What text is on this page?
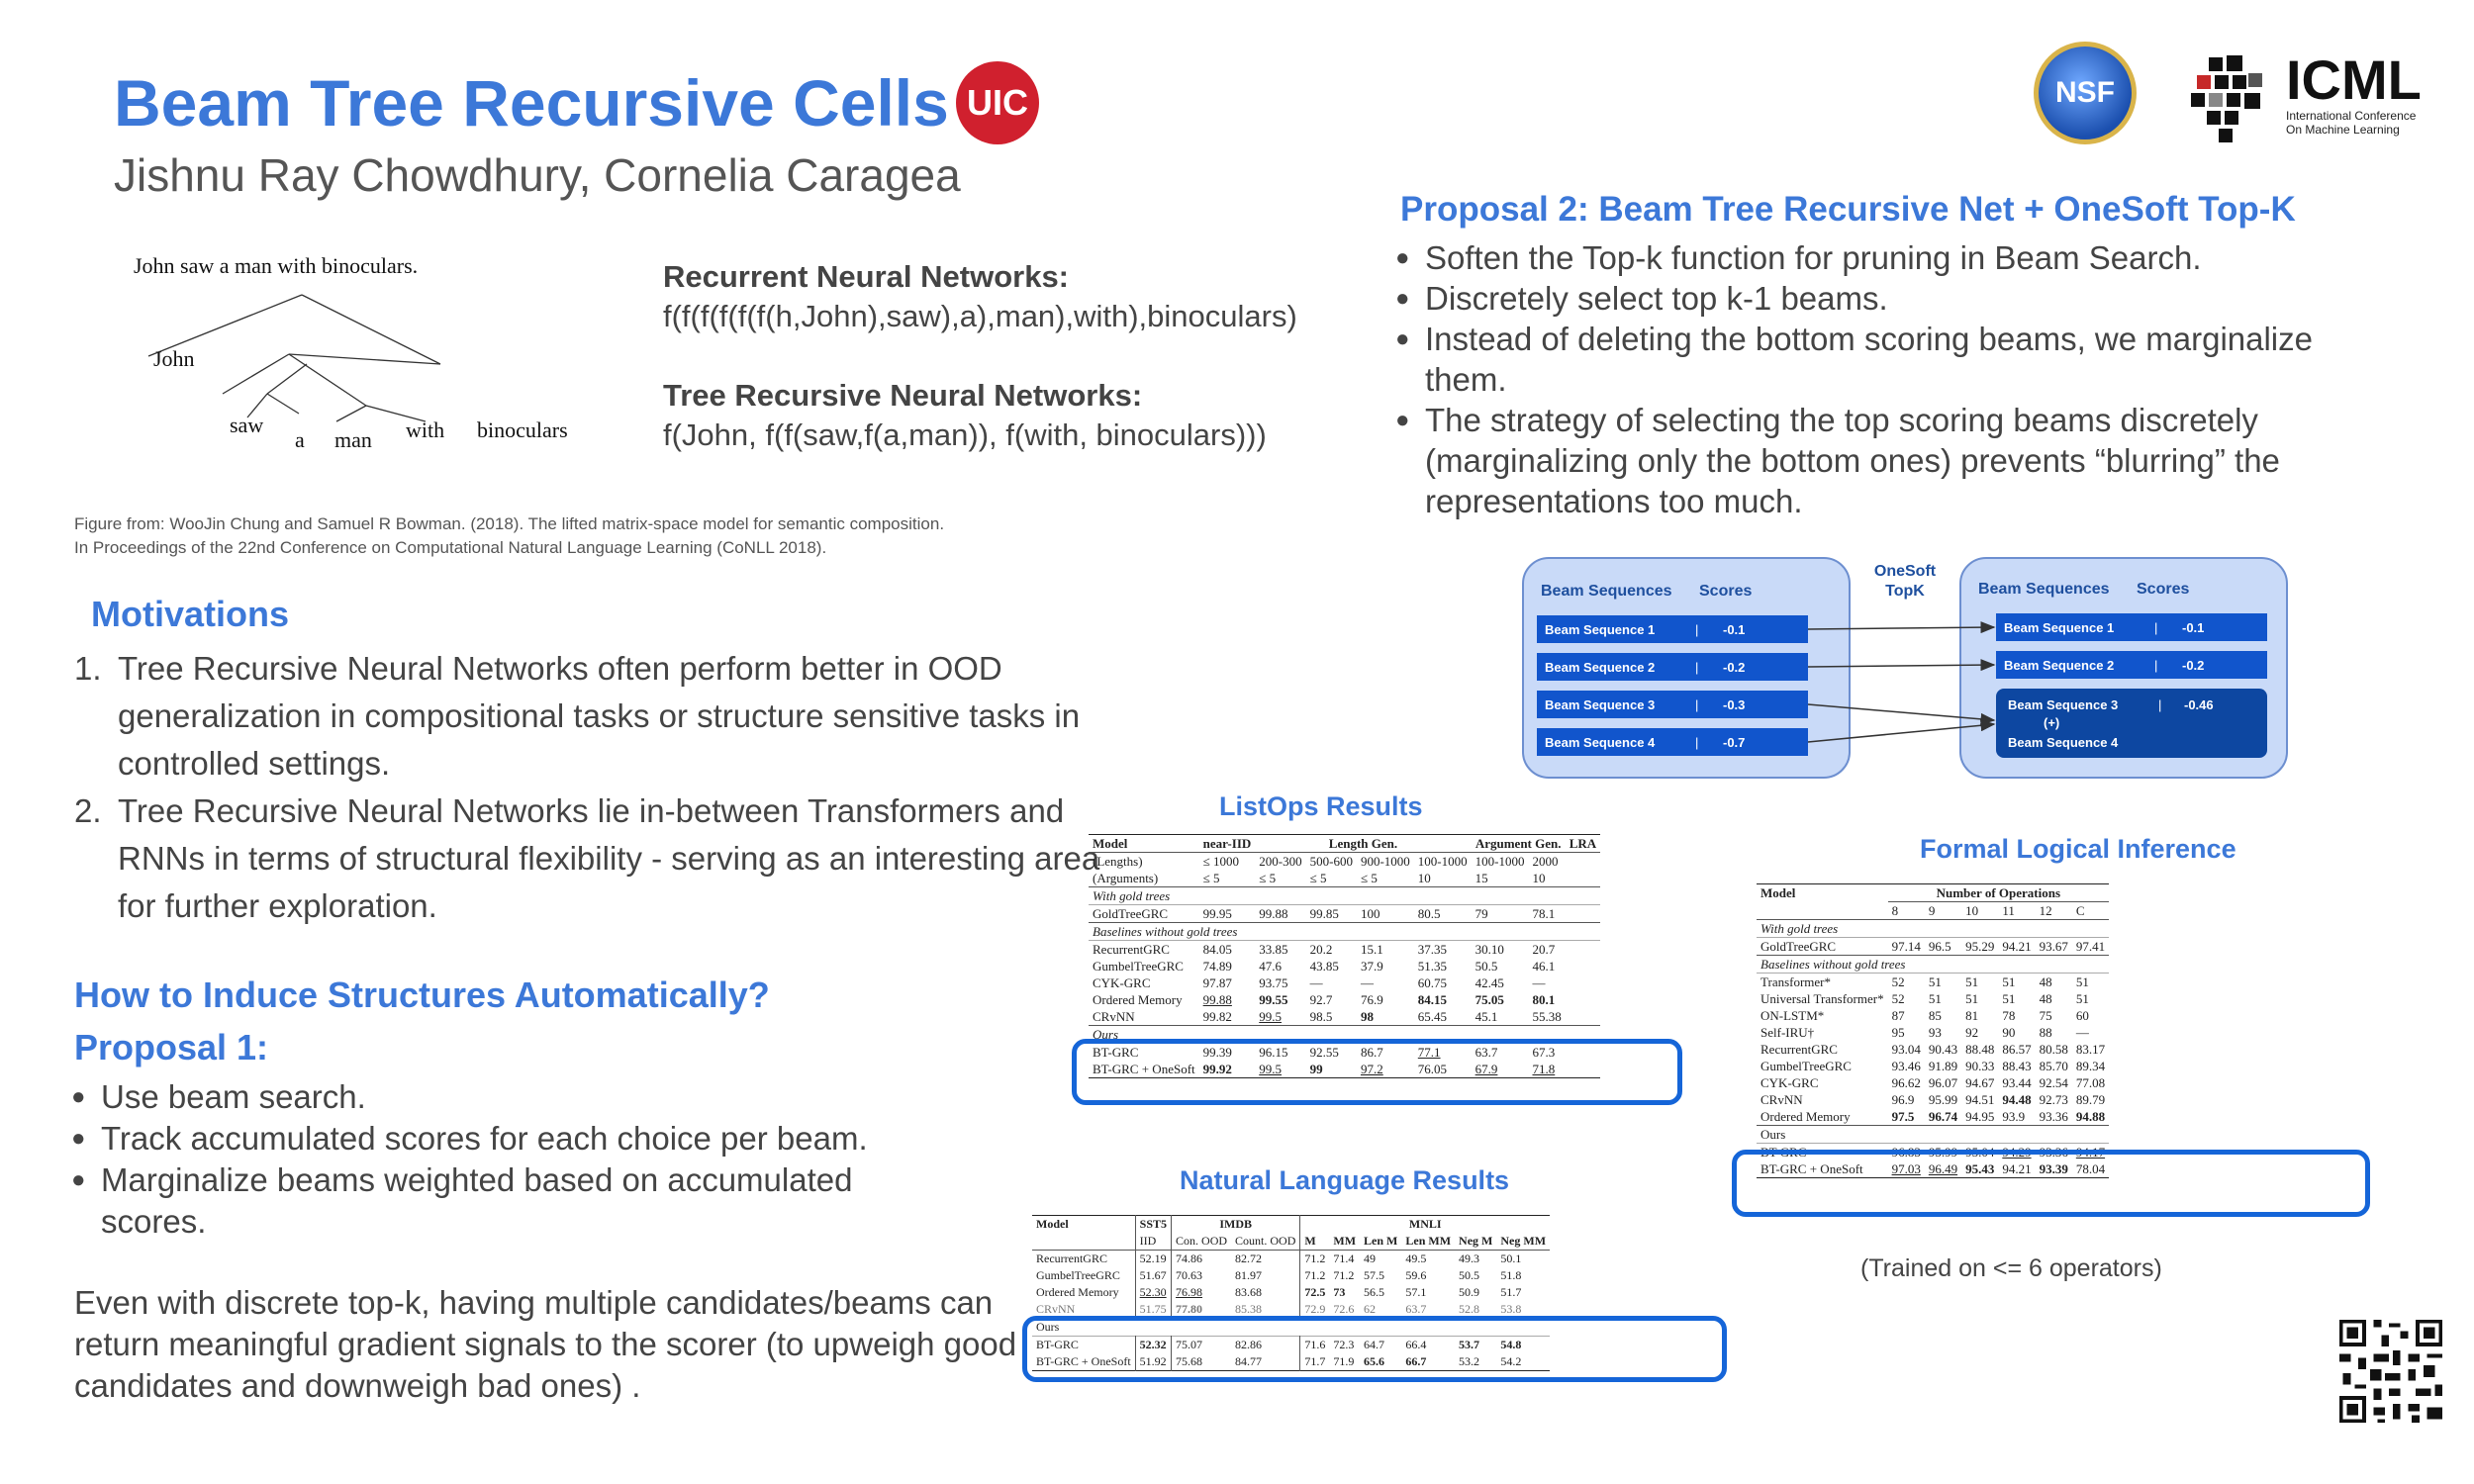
Beam Tree Recursive Cells UIC
Jishnu Ray Chowdhury, Cornelia Caragea
NSF	ICML
International Conference
On Machine Learning
John saw a man with binoculars.
John
saw
a man with binoculars
Figure from: WooJin Chung and Samuel R Bowman. (2018). The lifted matrix-space model for semantic composition.
In Proceedings of the 22nd Conference on Computational Natural Language Learning (CoNLL 2018).
Recurrent Neural Networks:
f(f(f(f(f(f(h,John),saw),a),man),with),binoculars)
Tree Recursive Neural Networks:
f(John, f(f(saw,f(a,man)), f(with, binoculars)))
Motivations
1. Tree Recursive Neural Networks often perform better in OOD generalization in compositional tasks or structure sensitive tasks in controlled settings.
2. Tree Recursive Neural Networks lie in-between Transformers and RNNs in terms of structural flexibility - serving as an interesting area for further exploration.
How to Induce Structures Automatically?
Proposal 1:
● Use beam search.
● Track accumulated scores for each choice per beam.
● Marginalize beams weighted based on accumulated scores.
Even with discrete top-k, having multiple candidates/beams can return meaningful gradient signals to the scorer (to upweigh good candidates and downweigh bad ones) .
Proposal 2: Beam Tree Recursive Net + OneSoft Top-K
● Soften the Top-k function for pruning in Beam Search.
● Discretely select top k-1 beams.
● Instead of deleting the bottom scoring beams, we marginalize them.
● The strategy of selecting the top scoring beams discretely (marginalizing only the bottom ones) prevents “blurring” the representations too much.
Beam Sequences Scores	Beam Sequences Scores
OneSoft
TopK
Beam Sequence 1	| -0.1
Beam Sequence 2	| -0.2
Beam Sequence 3	| -0.3
Beam Sequence 4	| -0.7
Beam Sequence 1	| -0.1
Beam Sequence 2	| -0.2
Beam Sequence 3	| -0.46
(+)
Beam Sequence 4
ListOps Results
Model	near-IID	Length Gen.				Argument Gen.		LRA
(Lengths)	≤ 1000	200-300	500-600	900-1000	100-1000	100-1000	2000	
(Arguments)	≤ 5	≤ 5	≤ 5	≤ 5	10	15	10	
With gold trees								
GoldTreeGRC	99.95	99.88	99.85	100	80.5	79	78.1	
Baselines without gold trees								
RecurrentGRC	84.05	33.85	20.2	15.1	37.35	30.10	20.7	
GumbelTreeGRC	74.89	47.6	43.85	37.9	51.35	50.5	46.1	
CYK-GRC	97.87	93.75	—	—	60.75	42.45	—	
Ordered Memory	99.88	99.55	92.7	76.9	84.15	75.05	80.1	
CRvNN	99.82	99.5	98.5	98	65.45	45.1	55.38	
Ours								
BT-GRC	99.39	96.15	92.55	86.7	77.1	63.7	67.3	
BT-GRC + OneSoft	99.92	99.5	99	97.2	76.05	67.9	71.8	
Formal Logical Inference
Model	Number of Operations					
	8	9	10	11	12	C
With gold trees						
GoldTreeGRC	97.14	96.5	95.29	94.21	93.67	97.41
Baselines without gold trees						
Transformer*	52	51	51	51	48	51
Universal Transformer*	52	51	51	51	48	51
ON-LSTM*	87	85	81	78	75	60
Self-IRU†	95	93	92	90	88	—
RecurrentGRC	93.04	90.43	88.48	86.57	80.58	83.17
GumbelTreeGRC	93.46	91.89	90.33	88.43	85.70	89.34
CYK-GRC	96.62	96.07	94.67	93.44	92.54	77.08
CRvNN	96.9	95.99	94.51	94.48	92.73	89.79
Ordered Memory	97.5	96.74	94.95	93.9	93.36	94.88
Ours						
BT-GRC	96.83	95.99	95.04	94.29	93.36	94.17
BT-GRC + OneSoft	97.03	96.49	95.43	94.21	93.39	78.04
(Trained on <= 6 operators)
Natural Language Results
Model	SST5	IMDB		MNLI					
	IID	Con. OOD	Count. OOD	M	MM	Len M	Len MM	Neg M	Neg MM
RecurrentGRC	52.19	74.86	82.72	71.2	71.4	49	49.5	49.3	50.1
GumbelTreeGRC	51.67	70.63	81.97	71.2	71.2	57.5	59.6	50.5	51.8
Ordered Memory	52.30	76.98	83.68	72.5	73	56.5	57.1	50.9	51.7
CRvNN	51.75	77.80	85.38	72.9	72.6	62	63.7	52.8	53.8
Ours									
BT-GRC	52.32	75.07	82.86	71.6	72.3	64.7	66.4	53.7	54.8
BT-GRC + OneSoft	51.92	75.68	84.77	71.7	71.9	65.6	66.7	53.2	54.2
